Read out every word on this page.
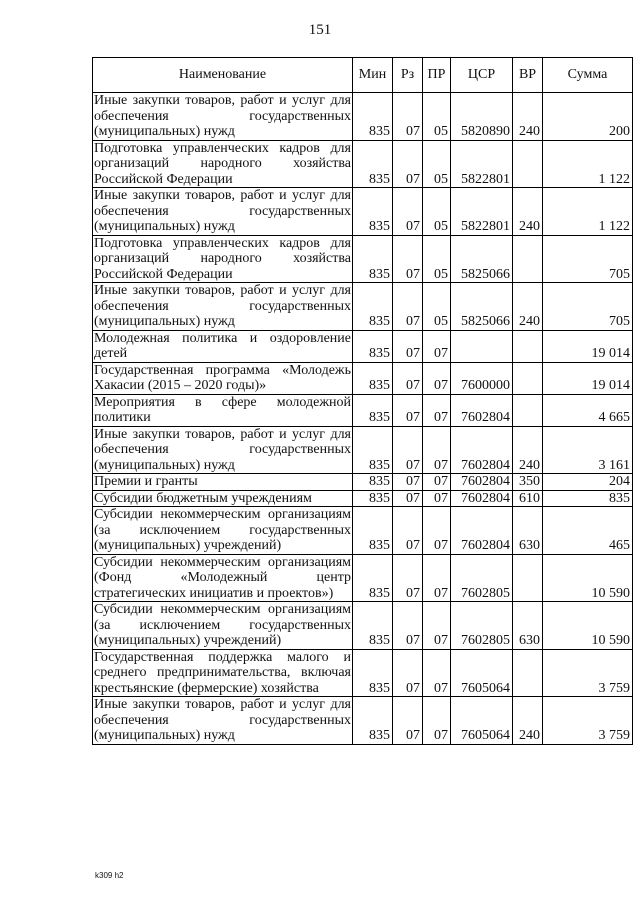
151
Наименование	Мин	Рз	ПР	ЦСР	ВР	Сумма
Иные закупки товаров, работ и услуг для обеспечения государственных (муниципальных) нужд	835	07	05	5820890	240	200
Подготовка управленческих кадров для организаций народного хозяйства Российской Федерации	835	07	05	5822801		1 122
Иные закупки товаров, работ и услуг для обеспечения государственных (муниципальных) нужд	835	07	05	5822801	240	1 122
Подготовка управленческих кадров для организаций народного хозяйства Российской Федерации	835	07	05	5825066		705
Иные закупки товаров, работ и услуг для обеспечения государственных (муниципальных) нужд	835	07	05	5825066	240	705
Молодежная политика и оздоровление детей	835	07	07			19 014
Государственная программа «Молодежь Хакасии (2015 – 2020 годы)»	835	07	07	7600000		19 014
Мероприятия в сфере молодежной политики	835	07	07	7602804		4 665
Иные закупки товаров, работ и услуг для обеспечения государственных (муниципальных) нужд	835	07	07	7602804	240	3 161
Премии и гранты	835	07	07	7602804	350	204
Субсидии бюджетным учреждениям	835	07	07	7602804	610	835
Субсидии некоммерческим организациям (за исключением государственных (муниципальных) учреждений)	835	07	07	7602804	630	465
Субсидии некоммерческим организациям (Фонд «Молодежный центр стратегических инициатив и проектов»)	835	07	07	7602805		10 590
Субсидии некоммерческим организациям (за исключением государственных (муниципальных) учреждений)	835	07	07	7602805	630	10 590
Государственная поддержка малого и среднего предпринимательства, включая крестьянские (фермерские) хозяйства	835	07	07	7605064		3 759
Иные закупки товаров, работ и услуг для обеспечения государственных (муниципальных) нужд	835	07	07	7605064	240	3 759
k309 h2
